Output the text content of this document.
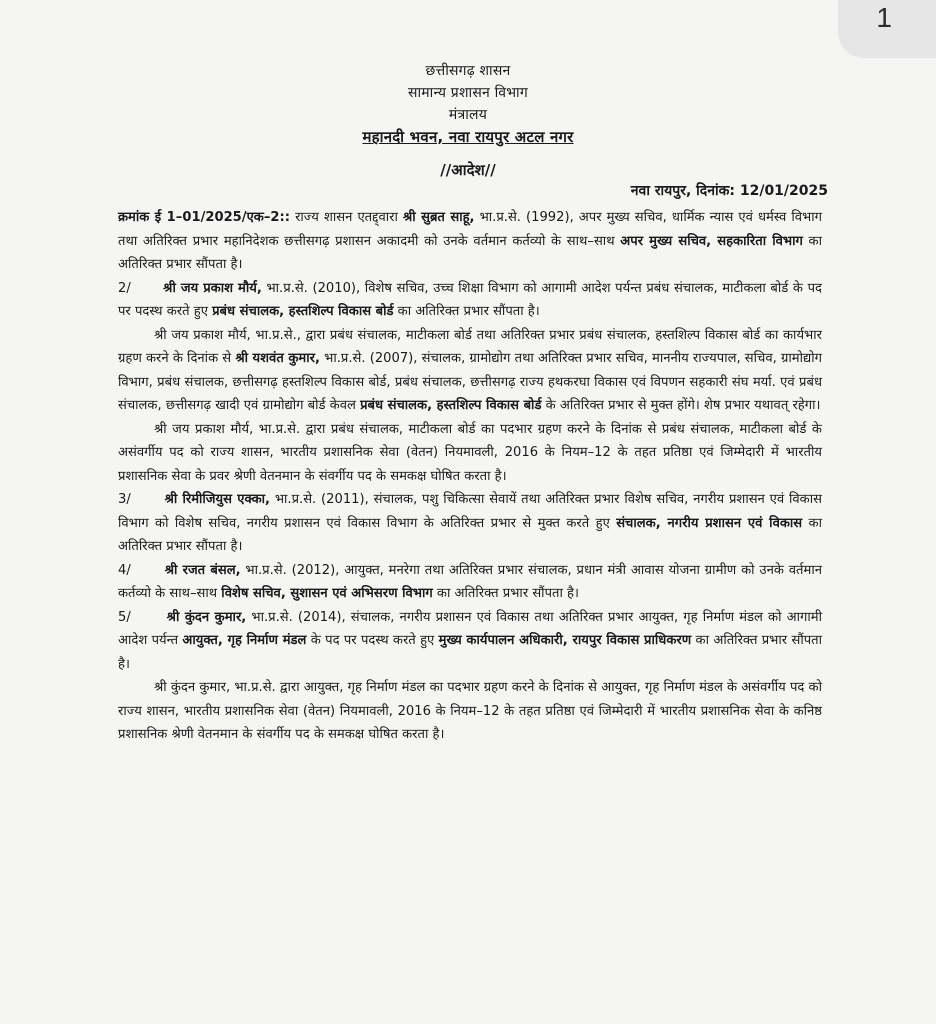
1
छत्तीसगढ़ शासन
सामान्य प्रशासन विभाग
मंत्रालय
महानदी भवन, नवा रायपुर अटल नगर
//आदेश//
नवा रायपुर, दिनांक: 12/01/2025

क्रमांक ई 1–01/2025/एक–2:: राज्य शासन एतद्द्वारा श्री सुब्रत साहू, भा.प्र.से. (1992), अपर मुख्य सचिव, धार्मिक न्यास एवं धर्मस्व विभाग तथा अतिरिक्त प्रभार महानिदेशक छत्तीसगढ़ प्रशासन अकादमी को उनके वर्तमान कर्तव्यो के साथ–साथ अपर मुख्य सचिव, सहकारिता विभाग का अतिरिक्त प्रभार सौंपता है।

2/ श्री जय प्रकाश मौर्य, भा.प्र.से. (2010), विशेष सचिव, उच्च शिक्षा विभाग को आगामी आदेश पर्यन्त प्रबंध संचालक, माटीकला बोर्ड के पद पर पदस्थ करते हुए प्रबंध संचालक, हस्तशिल्प विकास बोर्ड का अतिरिक्त प्रभार सौंपता है।

श्री जय प्रकाश मौर्य, भा.प्र.से., द्वारा प्रबंध संचालक, माटीकला बोर्ड तथा अतिरिक्त प्रभार प्रबंध संचालक, हस्तशिल्प विकास बोर्ड का कार्यभार ग्रहण करने के दिनांक से श्री यशवंत कुमार, भा.प्र.से. (2007), संचालक, ग्रामोद्योग तथा अतिरिक्त प्रभार सचिव, माननीय राज्यपाल, सचिव, ग्रामोद्योग विभाग, प्रबंध संचालक, छत्तीसगढ़ हस्तशिल्प विकास बोर्ड, प्रबंध संचालक, छत्तीसगढ़ राज्य हथकरघा विकास एवं विपणन सहकारी संघ मर्या. एवं प्रबंध संचालक, छत्तीसगढ़ खादी एवं ग्रामोद्योग बोर्ड केवल प्रबंध संचालक, हस्तशिल्प विकास बोर्ड के अतिरिक्त प्रभार से मुक्त होंगे। शेष प्रभार यथावत् रहेगा।

श्री जय प्रकाश मौर्य, भा.प्र.से. द्वारा प्रबंध संचालक, माटीकला बोर्ड का पदभार ग्रहण करने के दिनांक से प्रबंध संचालक, माटीकला बोर्ड के असंवर्गीय पद को राज्य शासन, भारतीय प्रशासनिक सेवा (वेतन) नियमावली, 2016 के नियम–12 के तहत प्रतिष्ठा एवं जिम्मेदारी में भारतीय प्रशासनिक सेवा के प्रवर श्रेणी वेतनमान के संवर्गीय पद के समकक्ष घोषित करता है।

3/	श्री रिमीजियुस एक्का, भा.प्र.से. (2011), संचालक, पशु चिकित्सा सेवायें तथा अतिरिक्त प्रभार विशेष सचिव, नगरीय प्रशासन एवं विकास विभाग को विशेष सचिव, नगरीय प्रशासन एवं विकास विभाग के अतिरिक्त प्रभार से मुक्त करते हुए संचालक, नगरीय प्रशासन एवं विकास का अतिरिक्त प्रभार सौंपता है।

4/	श्री रजत बंसल, भा.प्र.से. (2012), आयुक्त, मनरेगा तथा अतिरिक्त प्रभार संचालक, प्रधान मंत्री आवास योजना ग्रामीण को उनके वर्तमान कर्तव्यो के साथ–साथ विशेष सचिव, सुशासन एवं अभिसरण विभाग का अतिरिक्त प्रभार सौंपता है।

5/	श्री कुंदन कुमार, भा.प्र.से. (2014), संचालक, नगरीय प्रशासन एवं विकास तथा अतिरिक्त प्रभार आयुक्त, गृह निर्माण मंडल को आगामी आदेश पर्यन्त आयुक्त, गृह निर्माण मंडल के पद पर पदस्थ करते हुए मुख्य कार्यपालन अधिकारी, रायपुर विकास प्राधिकरण का अतिरिक्त प्रभार सौंपता है।

श्री कुंदन कुमार, भा.प्र.से. द्वारा आयुक्त, गृह निर्माण मंडल का पदभार ग्रहण करने के दिनांक से आयुक्त, गृह निर्माण मंडल के असंवर्गीय पद को राज्य शासन, भारतीय प्रशासनिक सेवा (वेतन) नियमावली, 2016 के नियम–12 के तहत प्रतिष्ठा एवं जिम्मेदारी में भारतीय प्रशासनिक सेवा के कनिष्ठ प्रशासनिक श्रेणी वेतनमान के संवर्गीय पद के समकक्ष घोषित करता है।
